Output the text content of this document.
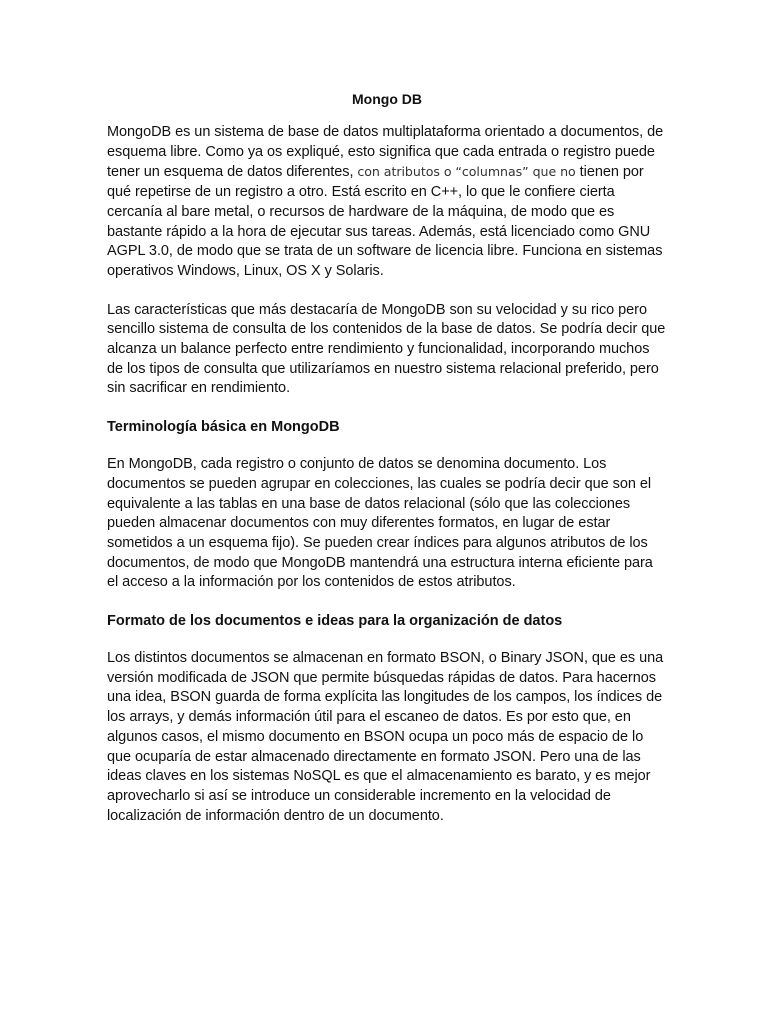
Mongo DB

MongoDB es un sistema de base de datos multiplataforma orientado a documentos, de esquema libre. Como ya os expliqué, esto significa que cada entrada o registro puede tener un esquema de datos diferentes, con atributos o “columnas” que no tienen por qué repetirse de un registro a otro. Está escrito en C++, lo que le confiere cierta cercanía al bare metal, o recursos de hardware de la máquina, de modo que es bastante rápido a la hora de ejecutar sus tareas. Además, está licenciado como GNU AGPL 3.0, de modo que se trata de un software de licencia libre. Funciona en sistemas operativos Windows, Linux, OS X y Solaris.

Las características que más destacaría de MongoDB son su velocidad y su rico pero sencillo sistema de consulta de los contenidos de la base de datos. Se podría decir que alcanza un balance perfecto entre rendimiento y funcionalidad, incorporando muchos de los tipos de consulta que utilizaríamos en nuestro sistema relacional preferido, pero sin sacrificar en rendimiento.

Terminología básica en MongoDB

En MongoDB, cada registro o conjunto de datos se denomina documento. Los documentos se pueden agrupar en colecciones, las cuales se podría decir que son el equivalente a las tablas en una base de datos relacional (sólo que las colecciones pueden almacenar documentos con muy diferentes formatos, en lugar de estar sometidos a un esquema fijo). Se pueden crear índices para algunos atributos de los documentos, de modo que MongoDB mantendrá una estructura interna eficiente para el acceso a la información por los contenidos de estos atributos.

Formato de los documentos e ideas para la organización de datos

Los distintos documentos se almacenan en formato BSON, o Binary JSON, que es una versión modificada de JSON que permite búsquedas rápidas de datos. Para hacernos una idea, BSON guarda de forma explícita las longitudes de los campos, los índices de los arrays, y demás información útil para el escaneo de datos. Es por esto que, en algunos casos, el mismo documento en BSON ocupa un poco más de espacio de lo que ocuparía de estar almacenado directamente en formato JSON. Pero una de las ideas claves en los sistemas NoSQL es que el almacenamiento es barato, y es mejor aprovecharlo si así se introduce un considerable incremento en la velocidad de localización de información dentro de un documento.
